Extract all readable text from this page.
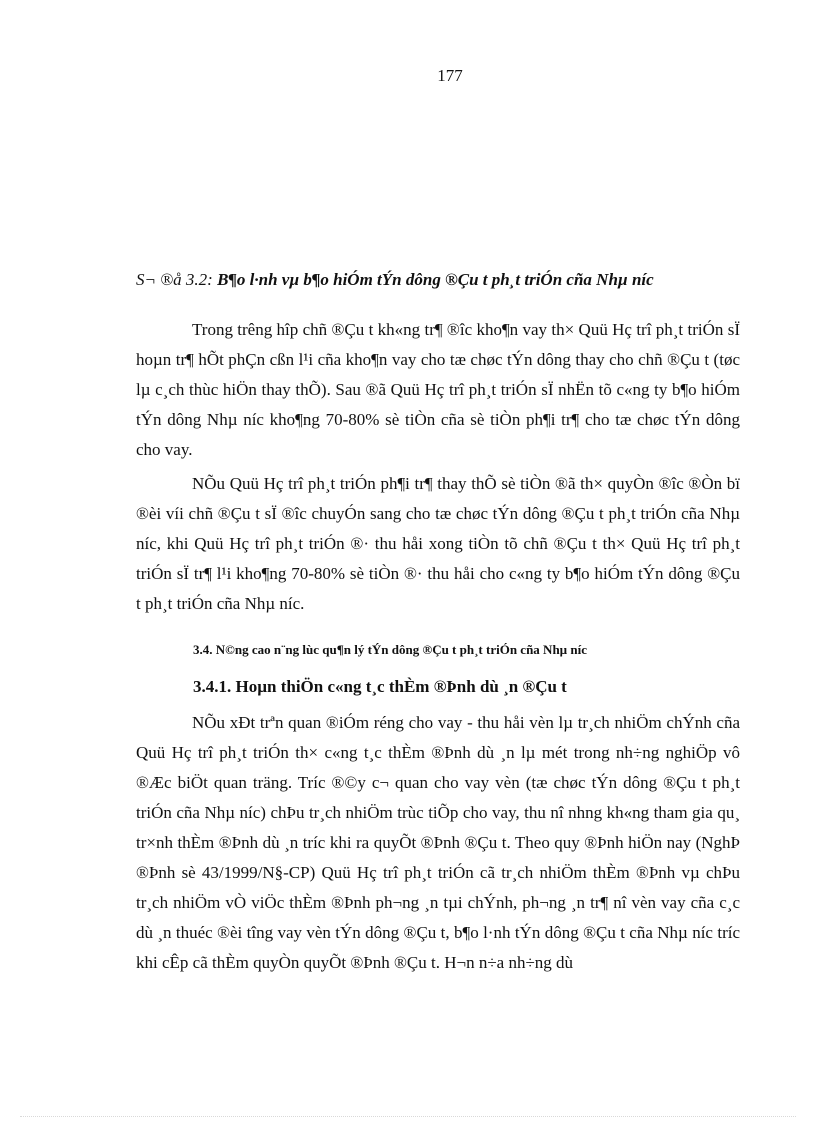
177
S¬ ®å 3.2: B¶o l·nh vµ b¶o hiÓm tÝn dông ®Çu t ph¸t triÓn cña Nhµ níc

Trong trêng hîp chñ ®Çu t kh«ng tr¶ ®îc kho¶n vay th× Quü Hç trî ph¸t triÓn sÏ hoµn tr¶ hÕt phÇn cßn l¹i cña kho¶n vay cho tæ chøc tÝn dông thay cho chñ ®Çu t (tøc lµ c¸ch thùc hiÖn thay thÕ). Sau ®ã Quü Hç trî ph¸t triÓn sÏ nhËn tõ c«ng ty b¶o hiÓm tÝn dông Nhµ níc kho¶ng 70-80% sè tiÒn cña sè tiÒn ph¶i tr¶ cho tæ chøc tÝn dông cho vay.

NÕu Quü Hç trî ph¸t triÓn ph¶i tr¶ thay thÕ sè tiÒn ®ã th× quyÒn ®îc ®Òn bï ®èi víi chñ ®Çu t sÏ ®îc chuyÓn sang cho tæ chøc tÝn dông ®Çu t ph¸t triÓn cña Nhµ níc, khi Quü Hç trî ph¸t triÓn ®· thu håi xong tiÒn tõ chñ ®Çu t th× Quü Hç trî ph¸t triÓn sÏ tr¶ l¹i kho¶ng 70-80% sè tiÒn ®· thu håi cho c«ng ty b¶o hiÓm tÝn dông ®Çu t ph¸t triÓn cña Nhµ níc.

3.4. N©ng cao n¨ng lùc qu¶n lý tÝn dông ®Çu t ph¸t triÓn cña Nhµ níc
3.4.1. Hoµn thiÖn c«ng t¸c thÈm ®Þnh dù ¸n ®Çu t

NÕu xÐt trªn quan ®iÓm réng cho vay - thu håi vèn lµ tr¸ch nhiÖm chÝnh cña Quü Hç trî ph¸t triÓn th× c«ng t¸c thÈm ®Þnh dù ¸n lµ mét trong nh÷ng nghiÖp vô ®Æc biÖt quan träng. Tríc ®©y c¬ quan cho vay vèn (tæ chøc tÝn dông ®Çu t ph¸t triÓn cña Nhµ níc) chÞu tr¸ch nhiÖm trùc tiÕp cho vay, thu nî nhng kh«ng tham gia qu¸ tr×nh thÈm ®Þnh dù ¸n tríc khi ra quyÕt ®Þnh ®Çu t. Theo quy ®Þnh hiÖn nay (NghÞ ®Þnh sè 43/1999/N§-CP) Quü Hç trî ph¸t triÓn cã tr¸ch nhiÖm thÈm ®Þnh vµ chÞu tr¸ch nhiÖm vÒ viÖc thÈm ®Þnh ph¬ng ¸n tµi chÝnh, ph¬ng ¸n tr¶ nî vèn vay cña c¸c dù ¸n thuéc ®èi tîng vay vèn tÝn dông ®Çu t, b¶o l·nh tÝn dông ®Çu t cña Nhµ níc tríc khi cÊp cã thÈm quyÒn quyÕt ®Þnh ®Çu t. H¬n n÷a nh÷ng dù
